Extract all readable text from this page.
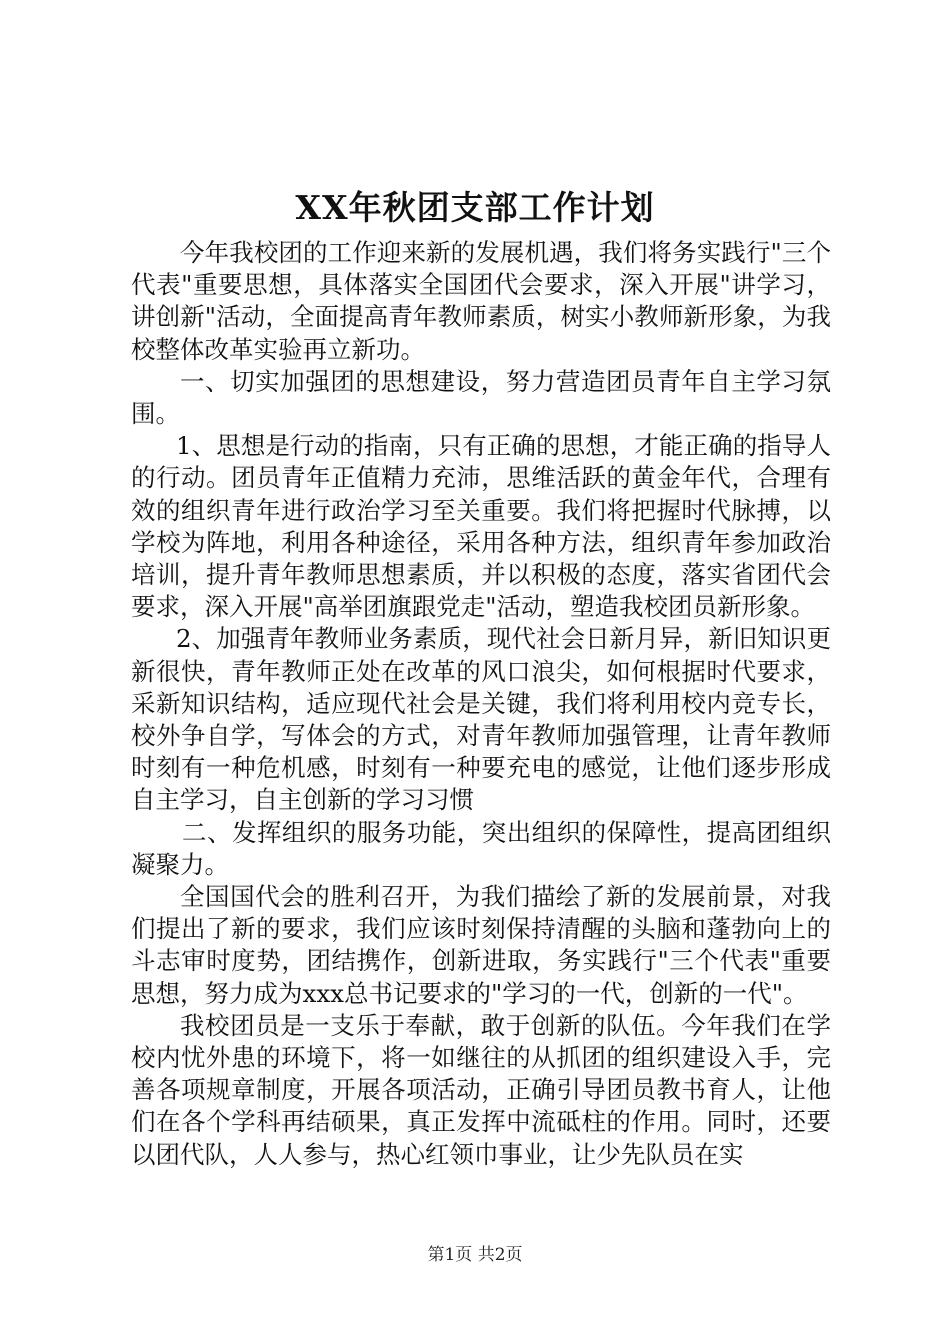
XX年秋团支部工作计划

今年我校团的工作迎来新的发展机遇，我们将务实践行"三个代表"重要思想，具体落实全国团代会要求，深入开展"讲学习，讲创新"活动，全面提高青年教师素质，树实小教师新形象，为我校整体改革实验再立新功。

一、切实加强团的思想建设，努力营造团员青年自主学习氛围。

1、思想是行动的指南，只有正确的思想，才能正确的指导人的行动。团员青年正值精力充沛，思维活跃的黄金年代，合理有效的组织青年进行政治学习至关重要。我们将把握时代脉搏，以学校为阵地，利用各种途径，采用各种方法，组织青年参加政治培训，提升青年教师思想素质，并以积极的态度，落实省团代会要求，深入开展"高举团旗跟党走"活动，塑造我校团员新形象。

2、加强青年教师业务素质，现代社会日新月异，新旧知识更新很快，青年教师正处在改革的风口浪尖，如何根据时代要求，采新知识结构，适应现代社会是关键，我们将利用校内竞专长，校外争自学，写体会的方式，对青年教师加强管理，让青年教师时刻有一种危机感，时刻有一种要充电的感觉，让他们逐步形成自主学习，自主创新的学习习惯

二、发挥组织的服务功能，突出组织的保障性，提高团组织凝聚力。

全国国代会的胜利召开，为我们描绘了新的发展前景，对我们提出了新的要求，我们应该时刻保持清醒的头脑和蓬勃向上的斗志审时度势，团结携作，创新进取，务实践行"三个代表"重要思想，努力成为xxx总书记要求的"学习的一代，创新的一代"。

我校团员是一支乐于奉献，敢于创新的队伍。今年我们在学校内忧外患的环境下，将一如继往的从抓团的组织建设入手，完善各项规章制度，开展各项活动，正确引导团员教书育人，让他们在各个学科再结硕果，真正发挥中流砥柱的作用。同时，还要以团代队，人人参与，热心红领巾事业，让少先队员在实

第1页 共2页
